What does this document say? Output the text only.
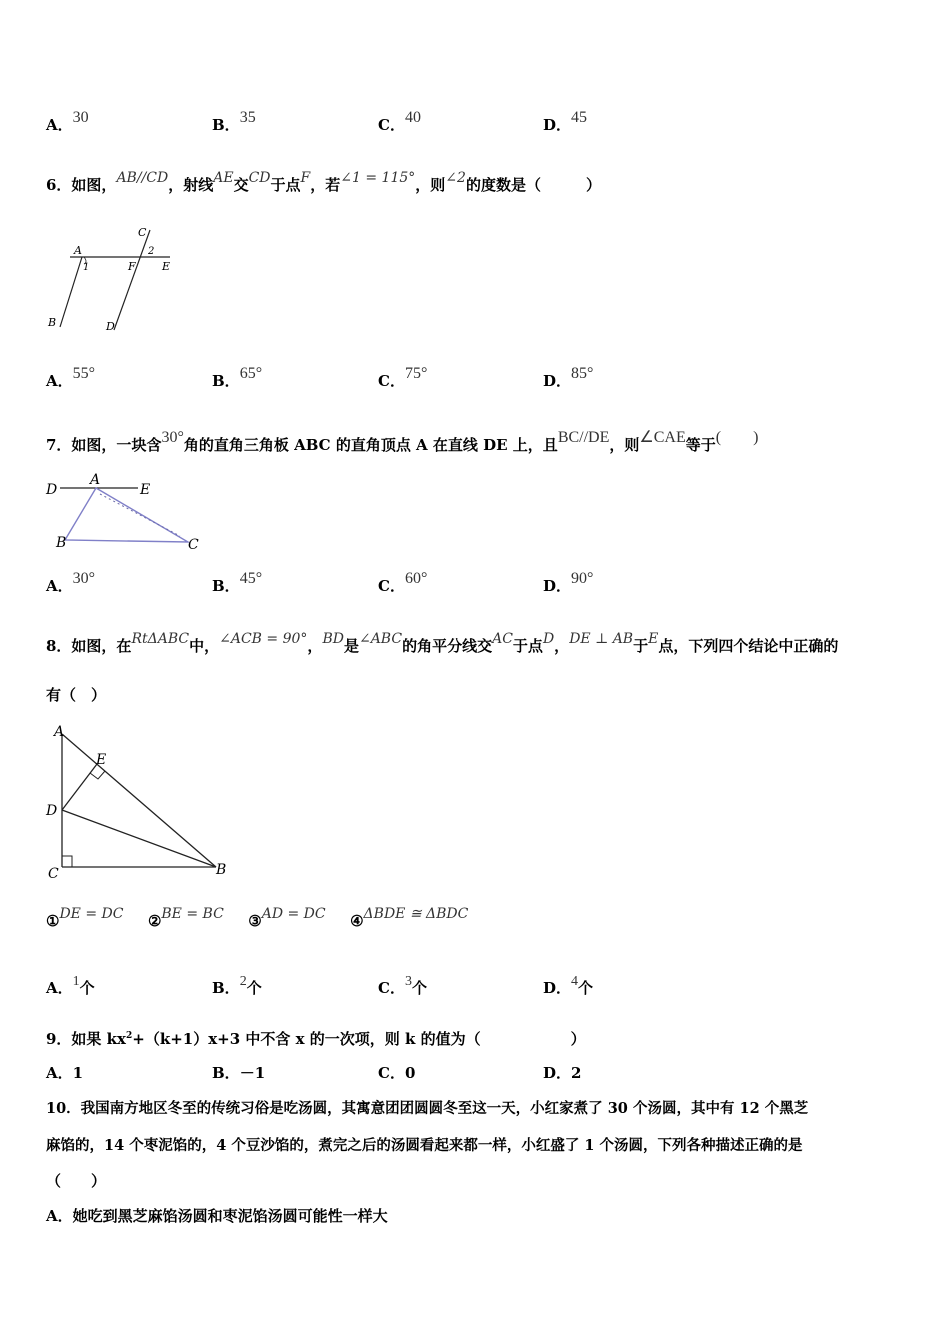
A．30	B．35	C．40	D．45
6．如图，AB//CD，射线AE交CD于点F，若∠1 = 115°，则∠2的度数是（　　　）
A
B
C
D
E
F
1
2
A．55°	B．65°	C．75°	D．85°
7．如图，一块含30°角的直角三角板 ABC 的直角顶点 A 在直线 DE 上，且BC//DE，则∠CAE等于(　　)
D
A
E
B	C
A．30°	B．45°	C．60°	D．90°
8．如图，在RtΔABC中，∠ACB = 90°，BD是∠ABC的角平分线交AC于点D，DE ⊥ AB于E点，下列四个结论中正确的
有（　）
A
E
D
C	B
①DE = DC ②BE = BC ③AD = DC ④ΔBDE ≅ ΔBDC
A．1个	B．2个	C．3个	D．4个
9．如果 $kx^2+(k+1)x+3$ 中不含 x 的一次项，则 k 的值为（　　　　　　）
A．1	B．－1	C．0	D．2
10．我国南方地区冬至的传统习俗是吃汤圆，其寓意团团圆圆冬至这一天，小红家煮了 30 个汤圆，其中有 12 个黑芝
麻馅的，14 个枣泥馅的，4 个豆沙馅的，煮完之后的汤圆看起来都一样，小红盛了 1 个汤圆，下列各种描述正确的是
（　　）
A．她吃到黑芝麻馅汤圆和枣泥馅汤圆可能性一样大
